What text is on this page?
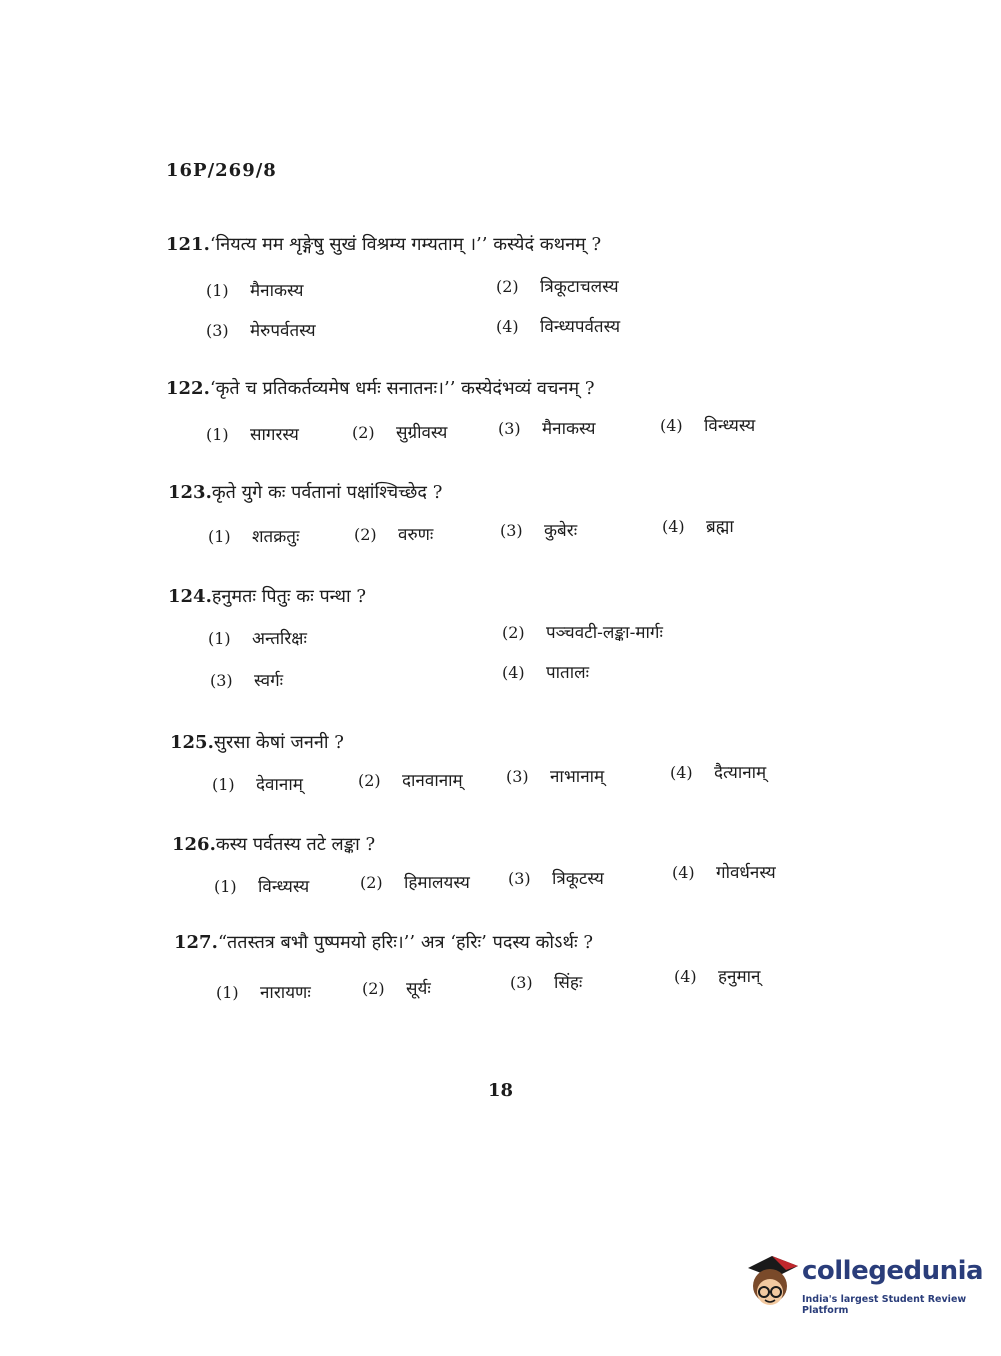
16P/269/8
121.‘नियत्य मम शृङ्गेषु सुखं विश्रम्य गम्यताम् ।’’ कस्येदं कथनम् ?
(1) मैनाकस्य	(2) त्रिकूटाचलस्य
(3) मेरुपर्वतस्य	(4) विन्ध्यपर्वतस्य
122.‘कृते च प्रतिकर्तव्यमेष धर्मः सनातनः।’’ कस्येदंभव्यं वचनम् ?
(1) सागरस्य	(2) सुग्रीवस्य	(3) मैनाकस्य	(4) विन्ध्यस्य
123.कृते युगे कः पर्वतानां पक्षांश्चिच्छेद ?
(1) शतक्रतुः	(2) वरुणः	(3) कुबेरः	(4) ब्रह्मा
124.हनुमतः पितुः कः पन्था ?
(1) अन्तरिक्षः	(2) पञ्चवटी-लङ्का-मार्गः
(3) स्वर्गः	(4) पातालः
125.सुरसा केषां जननी ?
(1) देवानाम्	(2) दानवानाम्	(3) नाभानाम्	(4) दैत्यानाम्
126.कस्य पर्वतस्य तटे लङ्का ?
(1) विन्ध्यस्य	(2) हिमालयस्य (3) त्रिकूटस्य	(4) गोवर्धनस्य
127.“ततस्तत्र बभौ पुष्पमयो हरिः।’’ अत्र ‘हरिः’ पदस्य कोऽर्थः ?
(1) नारायणः	(2) सूर्यः	(3) सिंहः	(4) हनुमान्
18
collegedunia
India's largest Student Review Platform
